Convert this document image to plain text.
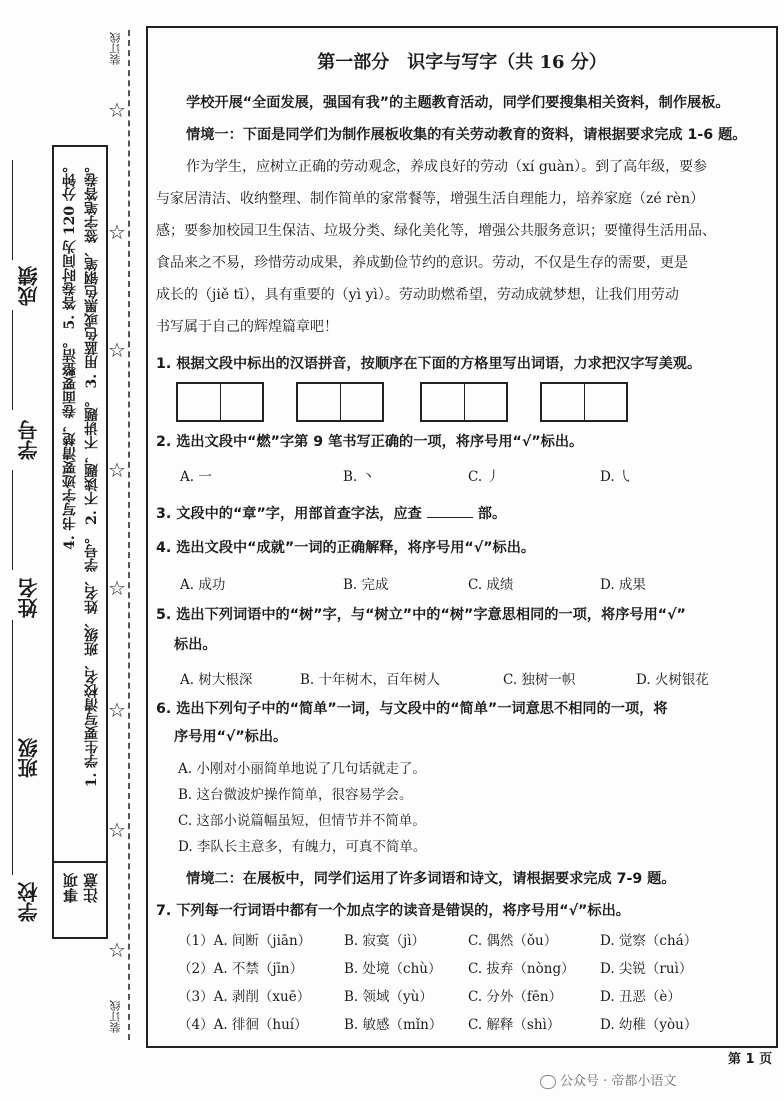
装订线
装订线
☆
☆
☆
☆
☆
☆
☆
☆
学校
班级
姓名
学号
成绩	1. 学生要写清校名、班级、姓名、学号。 2. 不读题，不讲题。 3. 用蓝色或黑色钢笔、签字笔答卷。
4. 书写字迹要清楚，卷面要整洁。 5. 答卷时间为 120 分钟。
注意
事项
第一部分　识字与写字（共 16 分）
学校开展“全面发展，强国有我”的主题教育活动，同学们要搜集相关资料，制作展板。
情境一：下面是同学们为制作展板收集的有关劳动教育的资料，请根据要求完成 1-6 题。
作为学生，应树立正确的劳动观念，养成良好的劳动（xí guàn）。到了高年级，要参
与家居清洁、收纳整理、制作简单的家常餐等，增强生活自理能力，培养家庭（zé rèn）
感；要参加校园卫生保洁、垃圾分类、绿化美化等，增强公共服务意识；要懂得生活用品、
食品来之不易，珍惜劳动成果，养成勤俭节约的意识。劳动，不仅是生存的需要，更是
成长的（jiě tī），具有重要的（yì yì）。劳动助燃希望，劳动成就梦想，让我们用劳动
书写属于自己的辉煌篇章吧！
1. 根据文段中标出的汉语拼音，按顺序在下面的方格里写出词语，力求把汉字写美观。
2. 选出文段中“燃”字第 9 笔书写正确的一项，将序号用“√”标出。
A. 一	B. 丶	C. 丿	D. ㇂
3. 文段中的“章”字，用部首查字法，应查	部。
4. 选出文段中“成就”一词的正确解释，将序号用“√”标出。
A. 成功	B. 完成	C. 成绩	D. 成果
5. 选出下列词语中的“树”字，与“树立”中的“树”字意思相同的一项，将序号用“√”
标出。
A. 树大根深	B. 十年树木，百年树人	C. 独树一帜	D. 火树银花
6. 选出下列句子中的“简单”一词，与文段中的“简单”一词意思不相同的一项，将
序号用“√”标出。
A. 小刚对小丽简单地说了几句话就走了。
B. 这台微波炉操作简单，很容易学会。
C. 这部小说篇幅虽短，但情节并不简单。
D. 李队长主意多，有魄力，可真不简单。
情境二：在展板中，同学们运用了许多词语和诗文，请根据要求完成 7-9 题。
7. 下列每一行词语中都有一个加点字的读音是错误的，将序号用“√”标出。
（1）A. 间断（jiān） B. 寂寞（jì）	C. 偶然（ǒu）	D. 觉察（chá）
（2）A. 不禁（jīn）	B. 处境（chù） C. 拔弃（nòng） D. 尖锐（ruì）
（3）A. 剥削（xuē）	B. 领域（yù）	C. 分外（fēn）	D. 丑恶（è）
（4）A. 徘徊（huí）	B. 敏感（mǐn） C. 解释（shì）	D. 幼稚（yòu）
第 1 页
公众号 · 帝都小语文
